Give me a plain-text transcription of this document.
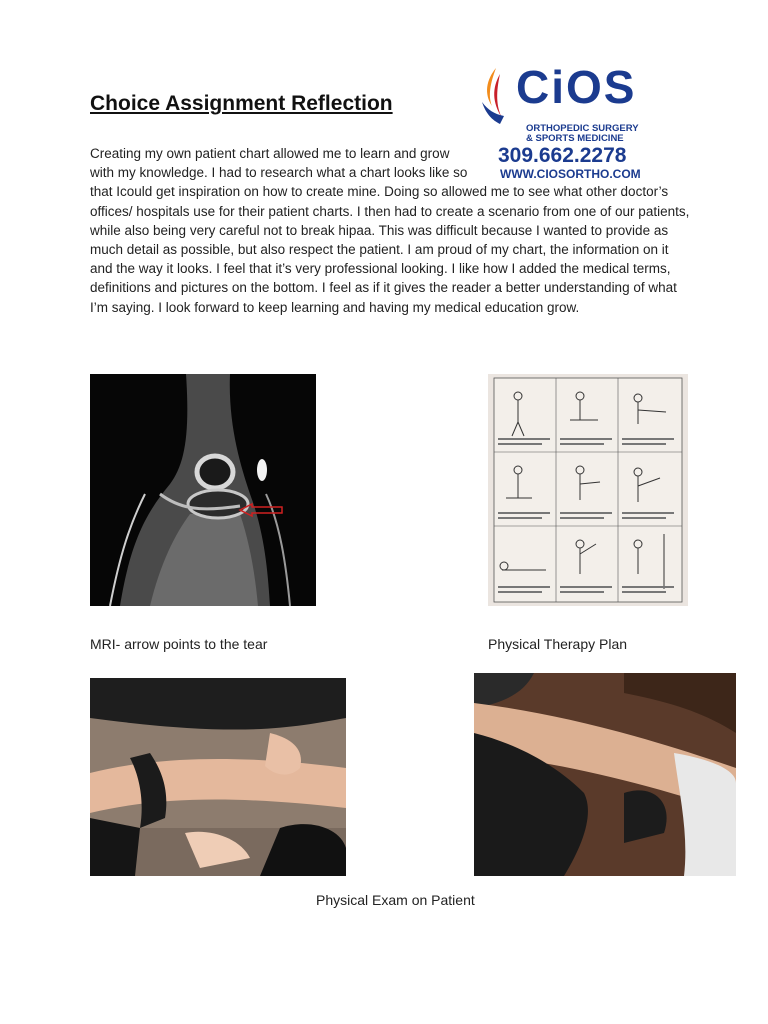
Choice Assignment Reflection	CiOS
ORTHOPEDIC SURGERY
& SPORTS MEDICINE
309.662.2278
WWW.CIOSORTHO.COM
Creating my own patient chart allowed me to learn and grow with my knowledge. I had to research what a chart looks like so that Icould get inspiration on how to create mine. Doing so allowed me to see what other doctor’s offices/ hospitals use for their patient charts. I then had to create a scenario from one of our patients, while also being very careful not to break hipaa. This was difficult because I wanted to provide as much detail as possible, but also respect the patient. I am proud of my chart, the information on it and the way it looks. I feel that it’s very professional looking. I like how I added the medical terms, definitions and pictures on the bottom. I feel as if it gives the reader a better understanding of what I’m saying. I look forward to keep learning and having my medical education grow.
MRI- arrow points to the tear	Physical Therapy Plan
Physical Exam on Patient
